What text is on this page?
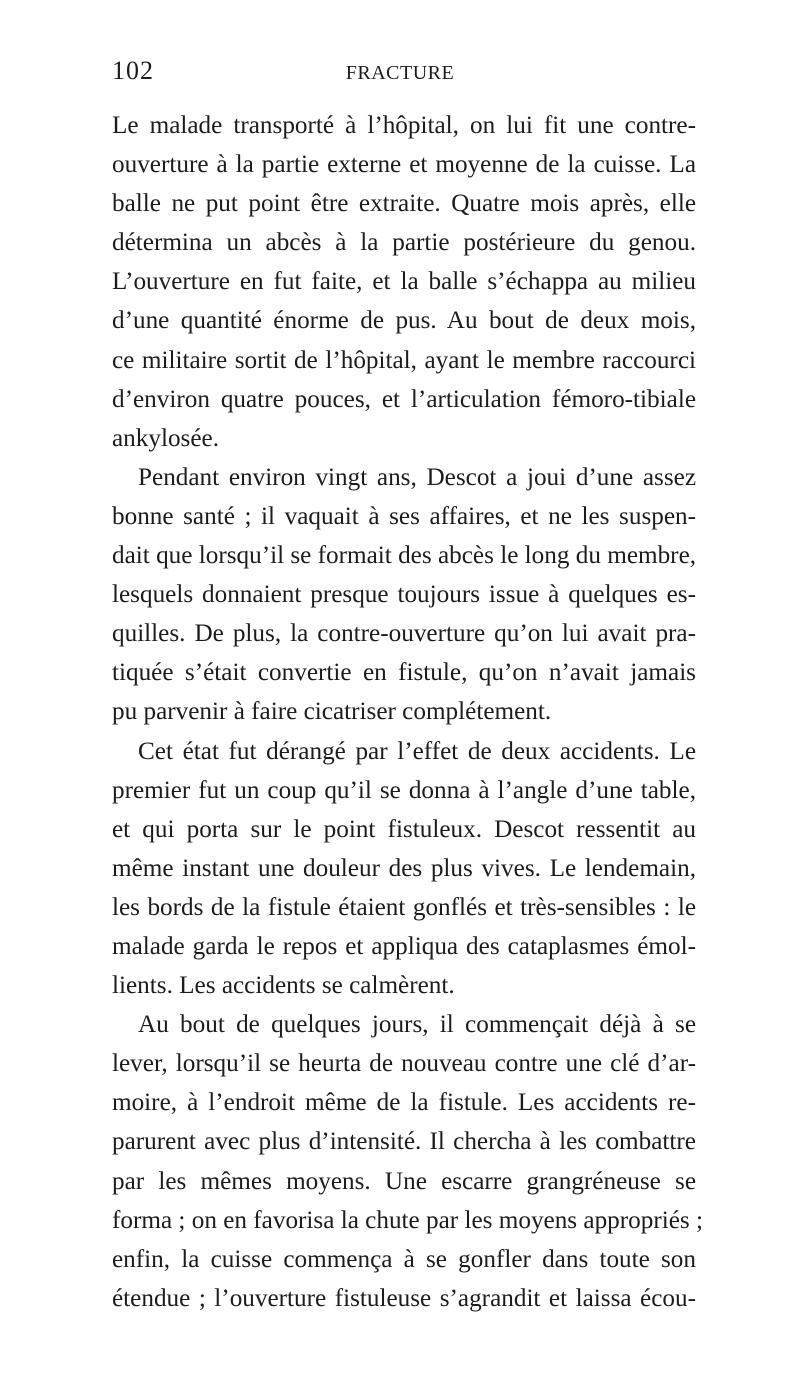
102	FRACTURE
Le malade transporté à l’hôpital, on lui fit une contre-
ouverture à la partie externe et moyenne de la cuisse. La
balle ne put point être extraite. Quatre mois après, elle
détermina un abcès à la partie postérieure du genou.
L’ouverture en fut faite, et la balle s’échappa au milieu
d’une quantité énorme de pus. Au bout de deux mois,
ce militaire sortit de l’hôpital, ayant le membre raccourci
d’environ quatre pouces, et l’articulation fémoro-tibiale
ankylosée.
Pendant environ vingt ans, Descot a joui d’une assez
bonne santé ; il vaquait à ses affaires, et ne les suspen-
dait que lorsqu’il se formait des abcès le long du membre,
lesquels donnaient presque toujours issue à quelques es-
quilles. De plus, la contre-ouverture qu’on lui avait pra-
tiquée s’était convertie en fistule, qu’on n’avait jamais
pu parvenir à faire cicatriser complétement.
Cet état fut dérangé par l’effet de deux accidents. Le
premier fut un coup qu’il se donna à l’angle d’une table,
et qui porta sur le point fistuleux. Descot ressentit au
même instant une douleur des plus vives. Le lendemain,
les bords de la fistule étaient gonflés et très-sensibles : le
malade garda le repos et appliqua des cataplasmes émol-
lients. Les accidents se calmèrent.
Au bout de quelques jours, il commençait déjà à se
lever, lorsqu’il se heurta de nouveau contre une clé d’ar-
moire, à l’endroit même de la fistule. Les accidents re-
parurent avec plus d’intensité. Il chercha à les combattre
par les mêmes moyens. Une escarre grangréneuse se
forma ; on en favorisa la chute par les moyens appropriés ;
enfin, la cuisse commença à se gonfler dans toute son
étendue ; l’ouverture fistuleuse s’agrandit et laissa écou-
